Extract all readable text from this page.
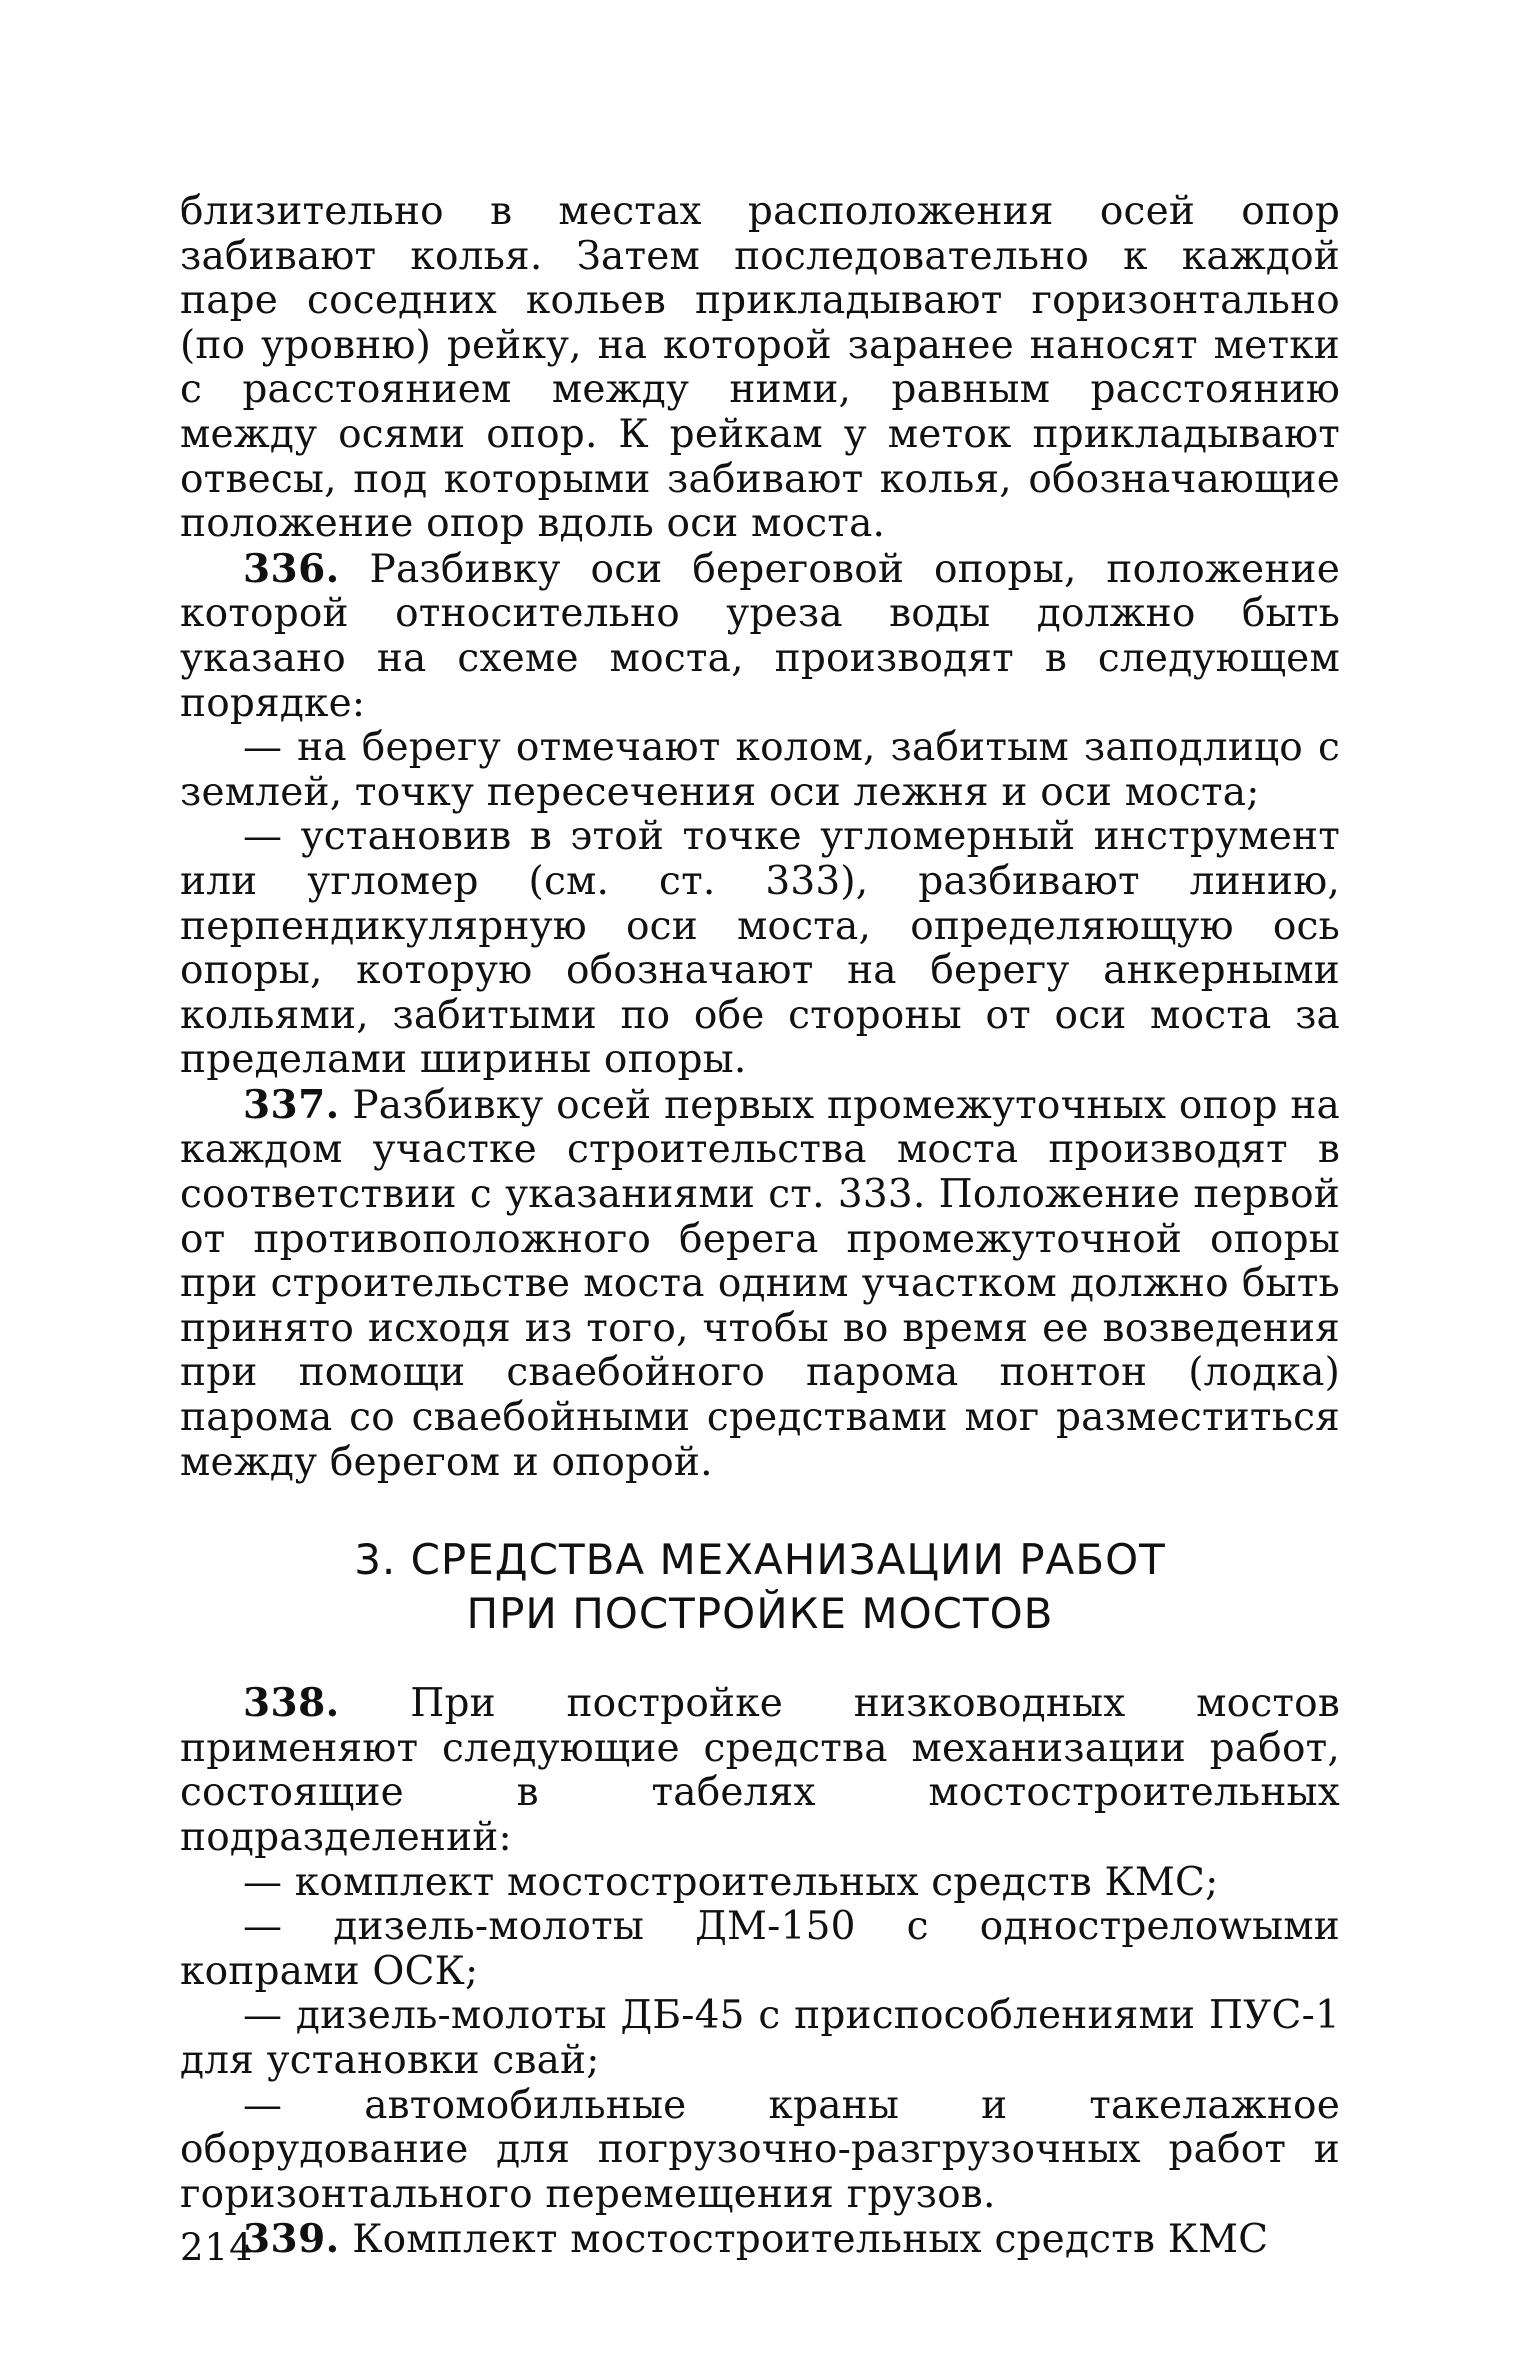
близительно в местах расположения осей опор забивают колья. Затем последовательно к каждой паре соседних кольев прикладывают горизонтально (по уровню) рейку, на которой заранее наносят метки с расстоянием между ними, равным расстоянию между осями опор. К рейкам у меток прикладывают отвесы, под которыми забивают колья, обозначающие положение опор вдоль оси моста.

336. Разбивку оси береговой опоры, положение которой относительно уреза воды должно быть указано на схеме моста, производят в следующем порядке:

— на берегу отмечают колом, забитым заподлицо с землей, точку пересечения оси лежня и оси моста;

— установив в этой точке угломерный инструмент или угломер (см. ст. 333), разбивают линию, перпендикулярную оси моста, определяющую ось опоры, которую обозначают на берегу анкерными кольями, забитыми по обе стороны от оси моста за пределами ширины опоры.

337. Разбивку осей первых промежуточных опор на каждом участке строительства моста производят в соответствии с указаниями ст. 333. Положение первой от противоположного берега промежуточной опоры при строительстве моста одним участком должно быть принято исходя из того, чтобы во время ее возведения при помощи сваебойного парома понтон (лодка) парома со сваебойными средствами мог разместиться между берегом и опорой.

3. СРЕДСТВА МЕХАНИЗАЦИИ РАБОТ
ПРИ ПОСТРОЙКЕ МОСТОВ

338. При постройке низководных мостов применяют следующие средства механизации работ, состоящие в табелях мостостроительных подразделений:

— комплект мостостроительных средств КМС;

— дизель-молоты ДМ-150 с однострелowыми копрами ОСК;

— дизель-молоты ДБ-45 с приспособлениями ПУС-1 для установки свай;

— автомобильные краны и такелажное оборудование для погрузочно-разгрузочных работ и горизонтального перемещения грузов.

339. Комплект мостостроительных средств КМС

214
